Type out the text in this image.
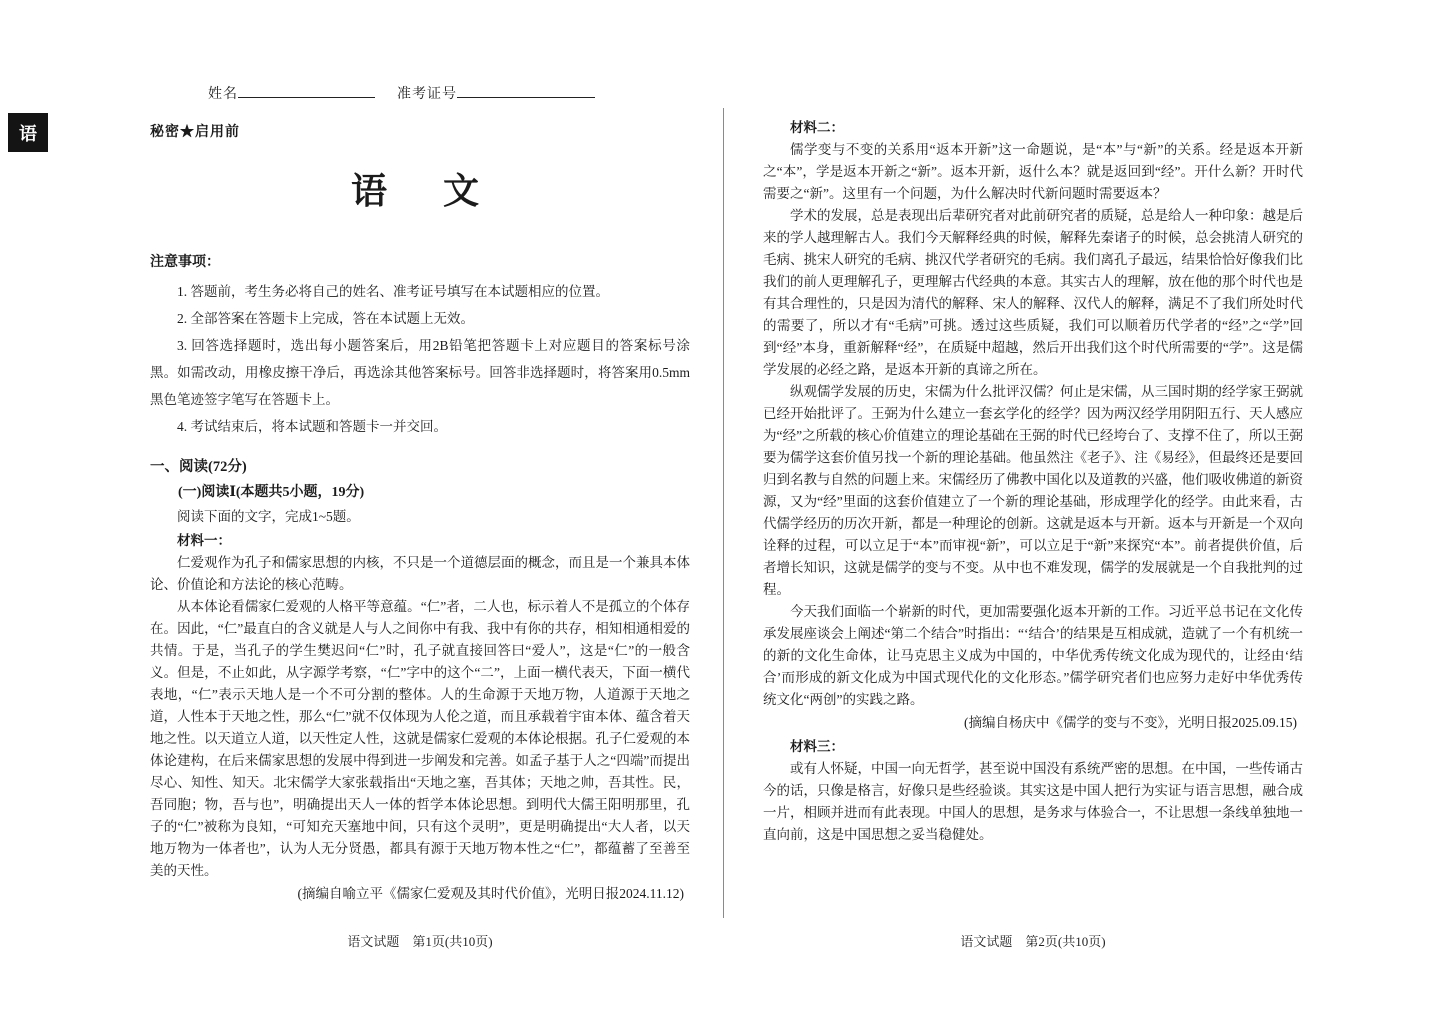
语
姓名	准考证号
秘密★启用前
语　文
注意事项：

1. 答题前，考生务必将自己的姓名、准考证号填写在本试题相应的位置。

2. 全部答案在答题卡上完成，答在本试题上无效。

3. 回答选择题时，选出每小题答案后，用2B铅笔把答题卡上对应题目的答案标号涂黑。如需改动，用橡皮擦干净后，再选涂其他答案标号。回答非选择题时，将答案用0.5mm黑色笔迹签字笔写在答题卡上。

4. 考试结束后，将本试题和答题卡一并交回。

一、阅读(72分)
(一)阅读Ⅰ(本题共5小题，19分)
阅读下面的文字，完成1~5题。
材料一：

仁爱观作为孔子和儒家思想的内核，不只是一个道德层面的概念，而且是一个兼具本体论、价值论和方法论的核心范畴。

从本体论看儒家仁爱观的人格平等意蕴。“仁”者，二人也，标示着人不是孤立的个体存在。因此，“仁”最直白的含义就是人与人之间你中有我、我中有你的共存，相知相通相爱的共情。于是，当孔子的学生樊迟问“仁”时，孔子就直接回答曰“爱人”，这是“仁”的一般含义。但是，不止如此，从字源学考察，“仁”字中的这个“二”，上面一横代表天，下面一横代表地，“仁”表示天地人是一个不可分割的整体。人的生命源于天地万物，人道源于天地之道，人性本于天地之性，那么“仁”就不仅体现为人伦之道，而且承载着宇宙本体、蕴含着天地之性。以天道立人道，以天性定人性，这就是儒家仁爱观的本体论根据。孔子仁爱观的本体论建构，在后来儒家思想的发展中得到进一步阐发和完善。如孟子基于人之“四端”而提出尽心、知性、知天。北宋儒学大家张载指出“天地之塞，吾其体；天地之帅，吾其性。民，吾同胞；物，吾与也”，明确提出天人一体的哲学本体论思想。到明代大儒王阳明那里，孔子的“仁”被称为良知，“可知充天塞地中间，只有这个灵明”，更是明确提出“大人者，以天地万物为一体者也”，认为人无分贤愚，都具有源于天地万物本性之“仁”，都蕴蓄了至善至美的天性。

(摘编自喻立平《儒家仁爱观及其时代价值》，光明日报2024.11.12)
材料二：

儒学变与不变的关系用“返本开新”这一命题说，是“本”与“新”的关系。经是返本开新之“本”，学是返本开新之“新”。返本开新，返什么本？就是返回到“经”。开什么新？开时代需要之“新”。这里有一个问题，为什么解决时代新问题时需要返本？

学术的发展，总是表现出后辈研究者对此前研究者的质疑，总是给人一种印象：越是后来的学人越理解古人。我们今天解释经典的时候，解释先秦诸子的时候，总会挑清人研究的毛病、挑宋人研究的毛病、挑汉代学者研究的毛病。我们离孔子最远，结果恰恰好像我们比我们的前人更理解孔子，更理解古代经典的本意。其实古人的理解，放在他的那个时代也是有其合理性的，只是因为清代的解释、宋人的解释、汉代人的解释，满足不了我们所处时代的需要了，所以才有“毛病”可挑。透过这些质疑，我们可以顺着历代学者的“经”之“学”回到“经”本身，重新解释“经”，在质疑中超越，然后开出我们这个时代所需要的“学”。这是儒学发展的必经之路，是返本开新的真谛之所在。

纵观儒学发展的历史，宋儒为什么批评汉儒？何止是宋儒，从三国时期的经学家王弼就已经开始批评了。王弼为什么建立一套玄学化的经学？因为两汉经学用阴阳五行、天人感应为“经”之所载的核心价值建立的理论基础在王弼的时代已经垮台了、支撑不住了，所以王弼要为儒学这套价值另找一个新的理论基础。他虽然注《老子》、注《易经》，但最终还是要回归到名教与自然的问题上来。宋儒经历了佛教中国化以及道教的兴盛，他们吸收佛道的新资源，又为“经”里面的这套价值建立了一个新的理论基础，形成理学化的经学。由此来看，古代儒学经历的历次开新，都是一种理论的创新。这就是返本与开新。返本与开新是一个双向诠释的过程，可以立足于“本”而审视“新”，可以立足于“新”来探究“本”。前者提供价值，后者增长知识，这就是儒学的变与不变。从中也不难发现，儒学的发展就是一个自我批判的过程。

今天我们面临一个崭新的时代，更加需要强化返本开新的工作。习近平总书记在文化传承发展座谈会上阐述“第二个结合”时指出：“‘结合’的结果是互相成就，造就了一个有机统一的新的文化生命体，让马克思主义成为中国的，中华优秀传统文化成为现代的，让经由‘结合’而形成的新文化成为中国式现代化的文化形态。”儒学研究者们也应努力走好中华优秀传统文化“两创”的实践之路。

(摘编自杨庆中《儒学的变与不变》，光明日报2025.09.15)
材料三：

或有人怀疑，中国一向无哲学，甚至说中国没有系统严密的思想。在中国，一些传诵古今的话，只像是格言，好像只是些经验谈。其实这是中国人把行为实证与语言思想，融合成一片，相顾并进而有此表现。中国人的思想，是务求与体验合一，不让思想一条线单独地一直向前，这是中国思想之妥当稳健处。

语文试题　第1页(共10页)	语文试题　第2页(共10页)
